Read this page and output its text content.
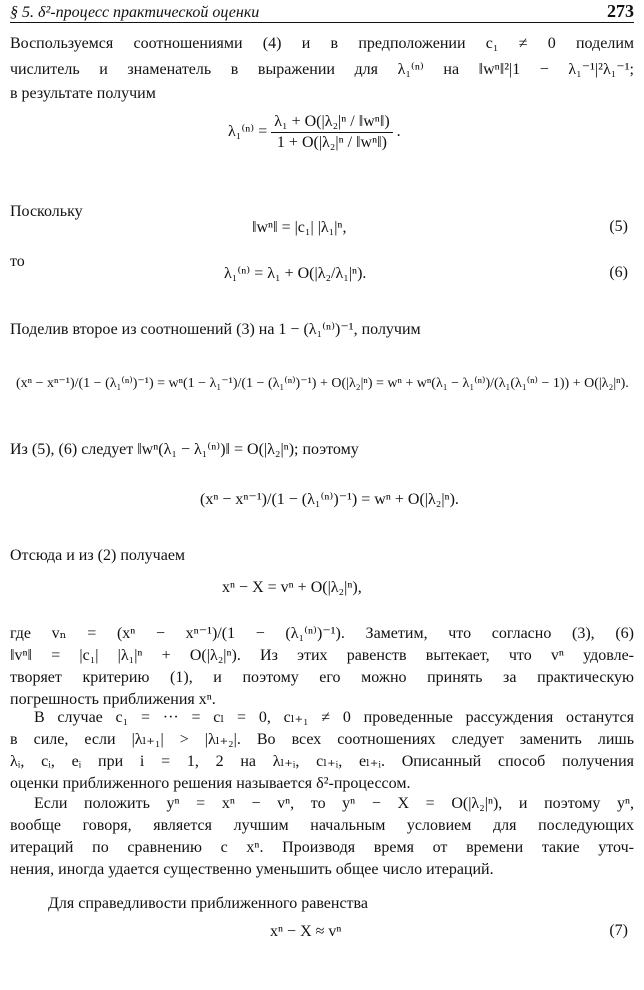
§ 5. δ²-процесс практической оценки	273
Воспользуемся соотношениями (4) и в предположении c₁ ≠ 0 поделим
числитель и знаменатель в выражении для λ₁⁽ⁿ⁾ на ‖wⁿ‖²|1 − λ₁⁻¹|²λ₁⁻¹;
в результате получим
$\lambda_1^{(n)} = \frac{\text{λ₁ + O(|λ₂|ⁿ / ‖wⁿ‖)}}{\text{1 + O(|λ₂|ⁿ / ‖wⁿ‖)}}$ .
Поскольку
‖wⁿ‖ = |c₁| |λ₁|ⁿ,	(5)
то
λ₁⁽ⁿ⁾ = λ₁ + O(|λ₂/λ₁|ⁿ).	(6)
Поделив второе из соотношений (3) на 1 − (λ₁⁽ⁿ⁾)⁻¹, получим
(xⁿ − xⁿ⁻¹)/(1 − (λ₁⁽ⁿ⁾)⁻¹) = wⁿ(1 − λ₁⁻¹)/(1 − (λ₁⁽ⁿ⁾)⁻¹) + O(|λ₂|ⁿ) = wⁿ + wⁿ(λ₁ − λ₁⁽ⁿ⁾)/(λ₁(λ₁⁽ⁿ⁾ − 1)) + O(|λ₂|ⁿ).
Из (5), (6) следует ‖wⁿ(λ₁ − λ₁⁽ⁿ⁾)‖ = O(|λ₂|ⁿ); поэтому
(xⁿ − xⁿ⁻¹)/(1 − (λ₁⁽ⁿ⁾)⁻¹) = wⁿ + O(|λ₂|ⁿ).
Отсюда и из (2) получаем
xⁿ − X = vⁿ + O(|λ₂|ⁿ),
где vₙ = (xⁿ − xⁿ⁻¹)/(1 − (λ₁⁽ⁿ⁾)⁻¹). Заметим, что согласно (3), (6)
‖vⁿ‖ = |c₁| |λ₁|ⁿ + O(|λ₂|ⁿ). Из этих равенств вытекает, что vⁿ удовле-
творяет критерию (1), и поэтому его можно принять за практическую
погрешность приближения xⁿ.
В случае c₁ = ··· = cₗ = 0, cₗ₊₁ ≠ 0 проведенные рассуждения останутся
в силе, если |λₗ₊₁| > |λₗ₊₂|. Во всех соотношениях следует заменить лишь
λᵢ, cᵢ, eᵢ при i = 1, 2 на λₗ₊ᵢ, cₗ₊ᵢ, eₗ₊ᵢ. Описанный способ получения
оценки приближенного решения называется δ²-процессом.
Если положить yⁿ = xⁿ − vⁿ, то yⁿ − X = O(|λ₂|ⁿ), и поэтому yⁿ,
вообще говоря, является лучшим начальным условием для последующих
итераций по сравнению с xⁿ. Производя время от времени такие уточ-
нения, иногда удается существенно уменьшить общее число итераций.
Для справедливости приближенного равенства
xⁿ − X ≈ vⁿ	(7)
